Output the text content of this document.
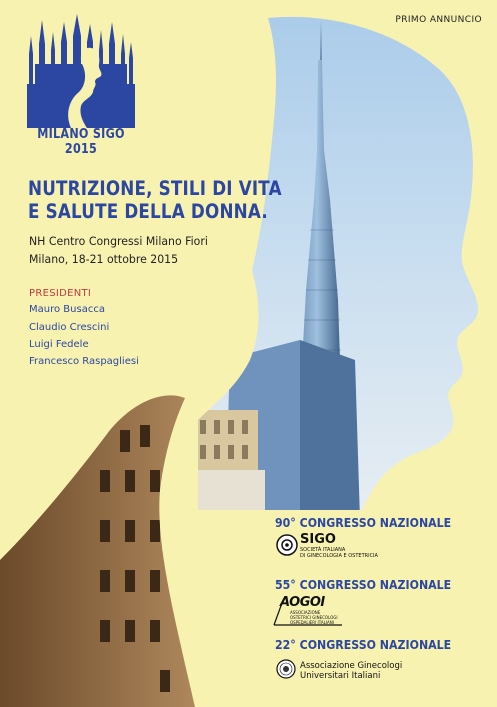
MILANO SIGO 2015
PRIMO ANNUNCIO
NUTRIZIONE, STILI DI VITA
E SALUTE DELLA DONNA.
NH Centro Congressi Milano Fiori
Milano, 18-21 ottobre 2015
PRESIDENTI
Mauro Busacca
Claudio Crescini
Luigi Fedele
Francesco Raspagliesi
90° CONGRESSO NAZIONALE
SIGO
SOCIETÀ ITALIANA
DI GINECOLOGIA E OSTETRICIA
55° CONGRESSO NAZIONALE
AOGOI
ASSOCIAZIONE
OSTETRICI GINECOLOGI
OSPEDALIERI ITALIANI
22° CONGRESSO NAZIONALE
Associazione Ginecologi
Universitari Italiani
